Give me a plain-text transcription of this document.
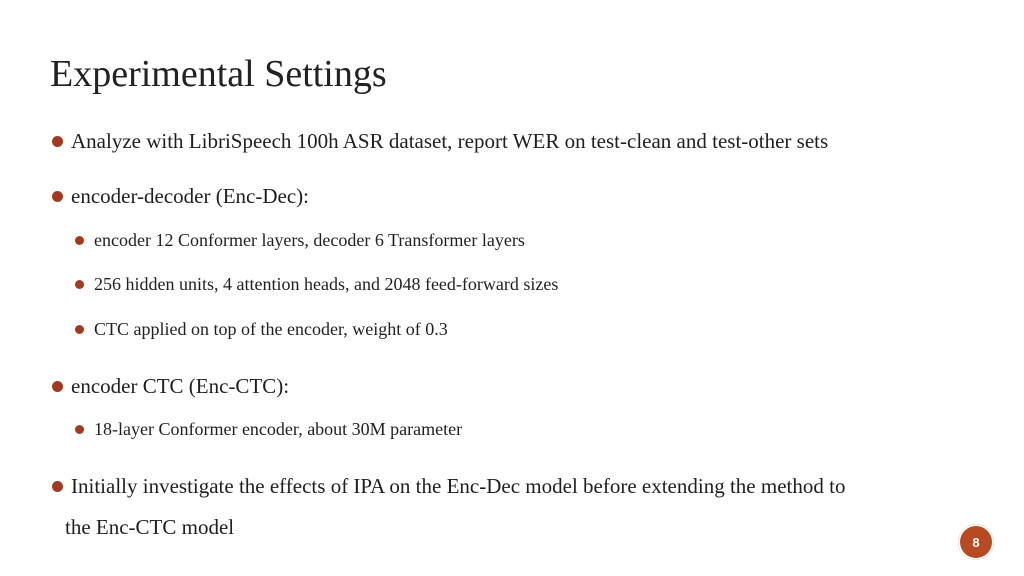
Experimental Settings
Analyze with LibriSpeech 100h ASR dataset, report WER on test-clean and test-other sets
encoder-decoder (Enc-Dec):
encoder 12 Conformer layers, decoder 6 Transformer layers
256 hidden units, 4 attention heads, and 2048 feed-forward sizes
CTC applied on top of the encoder, weight of 0.3
encoder CTC (Enc-CTC):
18-layer Conformer encoder, about 30M parameter
Initially investigate the effects of IPA on the Enc-Dec model before extending the method to
the Enc-CTC model
8
